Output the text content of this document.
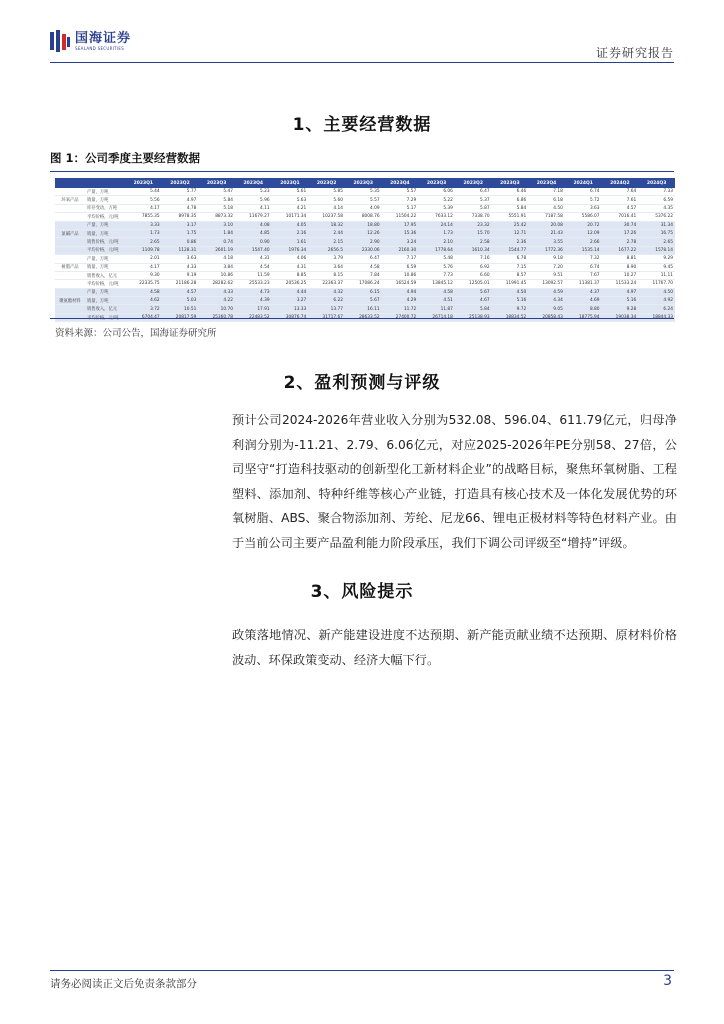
国海证券
SEALAND SECURITIES	证券研究报告
1、主要经营数据
图 1：公司季度主要经营数据
		2023Q1	2023Q2	2023Q3	2023Q4	2023Q1	2023Q2	2023Q3	2023Q4	2023Q3	2023Q2	2023Q3	2023Q4	2024Q1	2024Q2	2024Q3
	产量，万吨	5.44	5.77	5.47	5.23	5.61	5.85	5.35	5.57	6.06	6.47	6.46	7.18	6.74	7.64	7.33
环氧产品	销量，万吨	5.56	4.97	5.84	5.96	5.63	5.60	5.57	7.29	5.22	5.37	6.86	6.18	5.72	7.61	6.59
	库存变动，万吨	4.17	4.78	5.18	4.11	4.21	4.14	4.09	5.17	5.39	5.87	5.84	4.50	3.63	4.57	4.35
	平均价格，元/吨	7855.35	8978.35	8873.32	11679.27	10171.34	10237.58	8008.76	11504.22	7633.12	7338.70	5551.91	7187.58	5586.07	7016.41	5376.22
	产量，万吨	3.33	3.17	3.10	4.08	4.05	18.32	18.80	17.95	24.14	23.32	25.42	20.08	20.72	30.74	31.34
氯碱产品	销量，万吨	1.73	1.75	1.84	4.85	2.16	2.44	12.26	15.36	1.73	15.70	12.71	21.43	12.09	17.26	16.75
	销售价格，元/吨	2.65	0.86	0.74	0.90	1.61	2.15	2.90	3.24	2.10	2.58	2.36	3.55	2.66	2.78	2.65
	平均价格，元/吨	1109.78	1128.31	2601.19	1547.40	1976.34	2656.5	2330.06	2160.30	1778.64	1610.34	1544.77	1772.36	1535.14	1677.22	1578.14
	产量，万吨	2.01	3.63	4.18	4.31	4.06	3.79	6.47	7.17	5.48	7.16	6.78	9.18	7.32	8.81	9.29
树脂产品	销量，万吨	4.17	4.33	3.84	4.54	4.31	3.64	4.58	6.59	5.76	6.92	7.15	7.20	6.74	8.90	9.45
	销售收入，亿元	9.30	9.19	10.86	11.59	8.85	8.15	7.84	10.86	7.73	6.60	8.57	9.51	7.67	10.27	11.11
	平均价格，元/吨	22335.75	21186.28	28282.62	25533.23	20536.25	22363.37	17086.24	16524.59	13845.12	12505.01	11991.45	13092.57	11381.37	11533.24	11767.70
	产量，万吨	4.58	4.57	4.33	4.73	4.44	4.32	6.15	4.94	4.58	5.67	4.50	4.59	4.37	4.97	4.50
聚氨酯材料	销量，万吨	4.62	5.03	4.22	4.39	3.27	6.22	5.67	4.29	4.51	4.67	5.16	4.34	4.69	5.16	4.92
	销售收入，亿元	3.72	10.51	10.70	17.91	13.33	13.77	16.11	11.72	11.87	5.84	9.72	9.05	8.80	9.28	6.24
	平均价格，元/吨	6704.47	20817.59	25360.78	22483.52	30876.74	31717.67	28633.52	27400.72	26714.18	25138.93	18834.52	20858.43	18775.94	19038.34	18844.33
资料来源：公司公告，国海证券研究所
2、盈利预测与评级

预计公司2024-2026年营业收入分别为532.08、596.04、611.79亿元，归母净利润分别为-11.21、2.79、6.06亿元，对应2025-2026年PE分别58、27倍，公司坚守“打造科技驱动的创新型化工新材料企业”的战略目标，聚焦环氧树脂、工程塑料、添加剂、特种纤维等核心产业链，打造具有核心技术及一体化发展优势的环氧树脂、ABS、聚合物添加剂、芳纶、尼龙66、锂电正极材料等特色材料产业。由于当前公司主要产品盈利能力阶段承压，我们下调公司评级至“增持”评级。

3、风险提示

政策落地情况、新产能建设进度不达预期、新产能贡献业绩不达预期、原材料价格波动、环保政策变动、经济大幅下行。

请务必阅读正文后免责条款部分	3
